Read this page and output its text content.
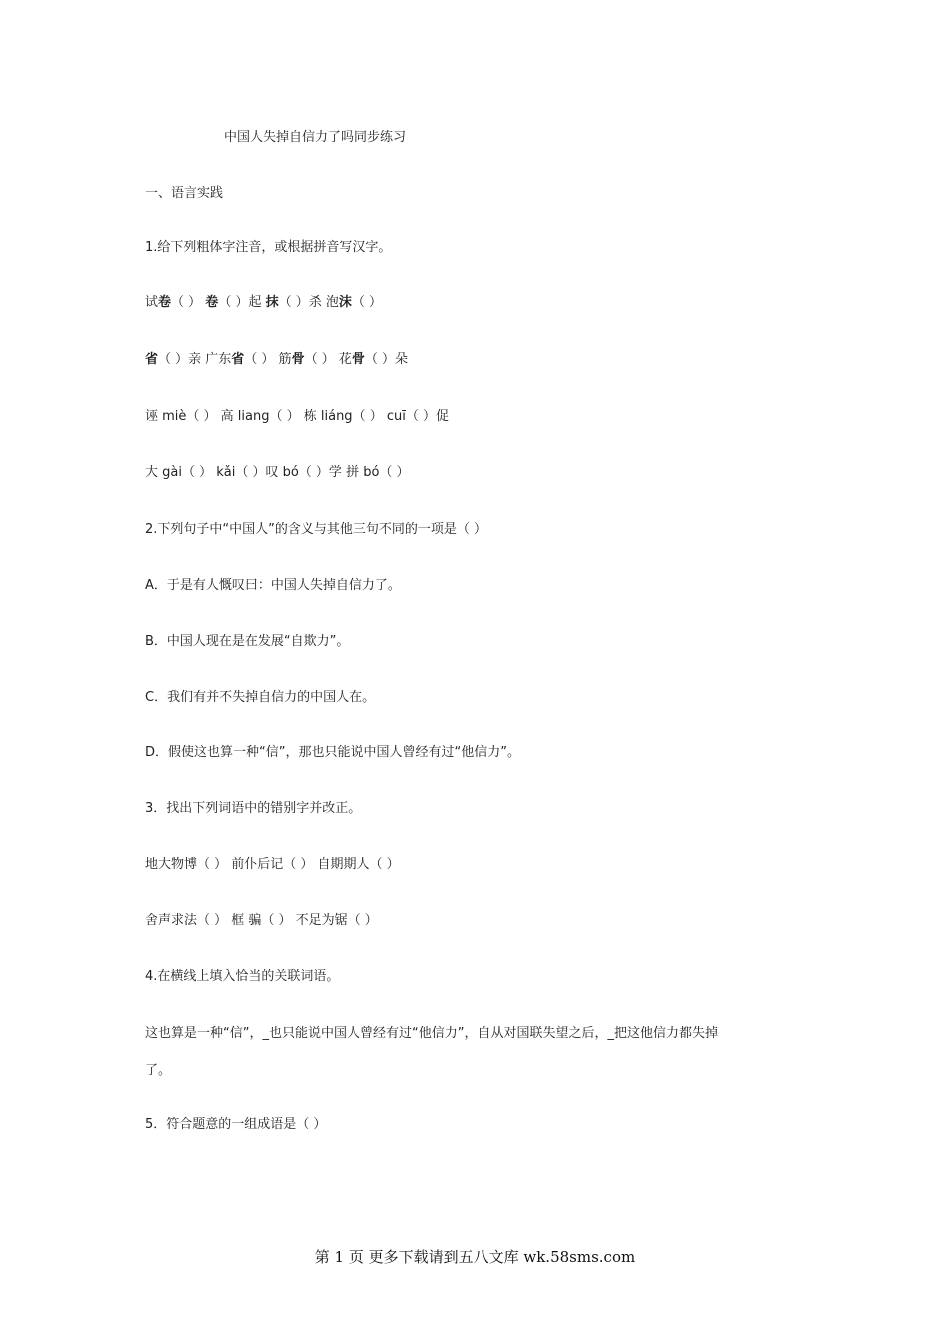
中国人失掉自信力了吗同步练习
一、语言实践
1.给下列粗体字注音，或根据拼音写汉字。
试卷（ ） 卷（ ）起 抹（ ）杀 泡沫（ ）
省（ ）亲 广东省（ ） 筋骨（ ） 花骨（ ）朵
诬 miè（ ） 高 liang（ ） 栋 liáng（ ） cuī（ ）促
大 gài（ ） kǎi（ ）叹 bó（ ）学 拼 bó（ ）
2.下列句子中“中国人”的含义与其他三句不同的一项是（ ）
A．于是有人慨叹曰：中国人失掉自信力了。
B．中国人现在是在发展“自欺力”。
C．我们有并不失掉自信力的中国人在。
D．假使这也算一种“信”，那也只能说中国人曾经有过“他信力”。
3．找出下列词语中的错别字并改正。
地大物博（ ） 前仆后记（ ） 自期期人（ ）
舍声求法（ ） 框 骗（ ） 不足为锯（ ）
4.在横线上填入恰当的关联词语。
这也算是一种“信”，_也只能说中国人曾经有过“他信力”，自从对国联失望之后，_把这他信力都失掉
了。
5．符合题意的一组成语是（ ）
第 1 页 更多下载请到五八文库 wk.58sms.com
